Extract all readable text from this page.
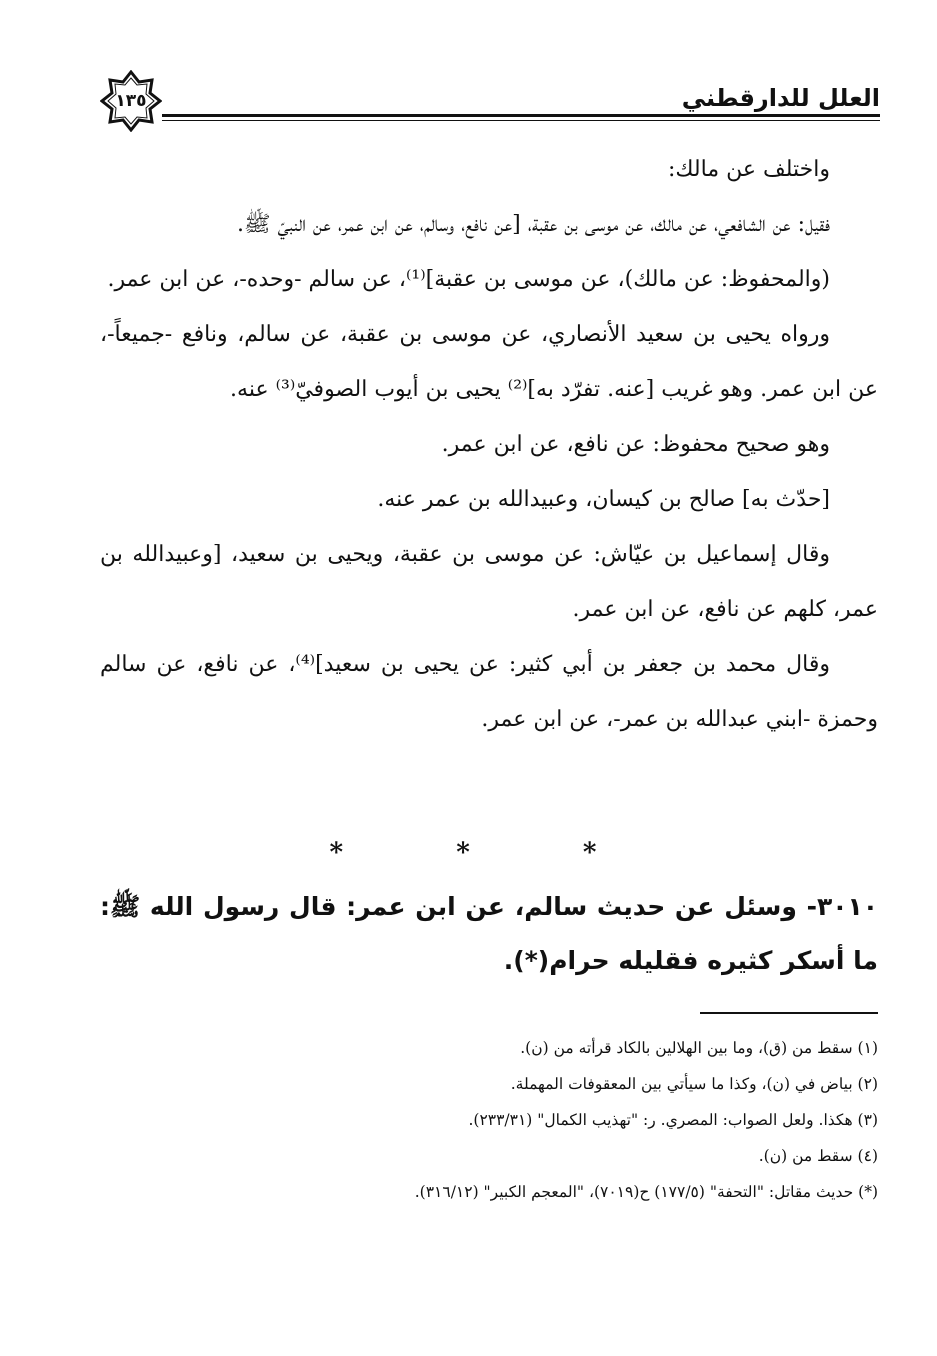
العلل للدارقطني
١٣٥

واختلف عن مالك:

فقيل: عن الشافعي، عن مالك، عن موسى بن عقبة، [عن نافع، وسالم، عن ابن عمر، عن النبيّ ﷺ.

(والمحفوظ: عن مالك)، عن موسى بن عقبة]⁽¹⁾، عن سالم -وحده-، عن ابن عمر.

ورواه يحيى بن سعيد الأنصاري، عن موسى بن عقبة، عن سالم، ونافع -جميعاً-، عن ابن عمر. وهو غريب [عنه. تفرّد به]⁽²⁾ يحيى بن أيوب الصوفيّ⁽³⁾ عنه.

وهو صحيح محفوظ: عن نافع، عن ابن عمر.

[حدّث به] صالح بن كيسان، وعبيدالله بن عمر عنه.

وقال إسماعيل بن عيّاش: عن موسى بن عقبة، ويحيى بن سعيد، [وعبيدالله بن عمر، كلهم عن نافع، عن ابن عمر.

وقال محمد بن جعفر بن أبي كثير: عن يحيى بن سعيد]⁽⁴⁾، عن نافع، عن سالم وحمزة -ابني عبدالله بن عمر-، عن ابن عمر.

* * *
٣٠١٠- وسئل عن حديث سالم، عن ابن عمر: قال رسول الله ﷺ: ما أسكر كثيره فقليله حرام(*).

(١) سقط من (ق)، وما بين الهلالين بالكاد قرأته من (ن).

(٢) بياض في (ن)، وكذا ما سيأتي بين المعقوفات المهملة.

(٣) هكذا. ولعل الصواب: المصري. ر: "تهذيب الكمال" (٢٣٣/٣١).

(٤) سقط من (ن).

(*) حديث مقاتل: "التحفة" (١٧٧/٥) ح(٧٠١٩)، "المعجم الكبير" (٣١٦/١٢).
